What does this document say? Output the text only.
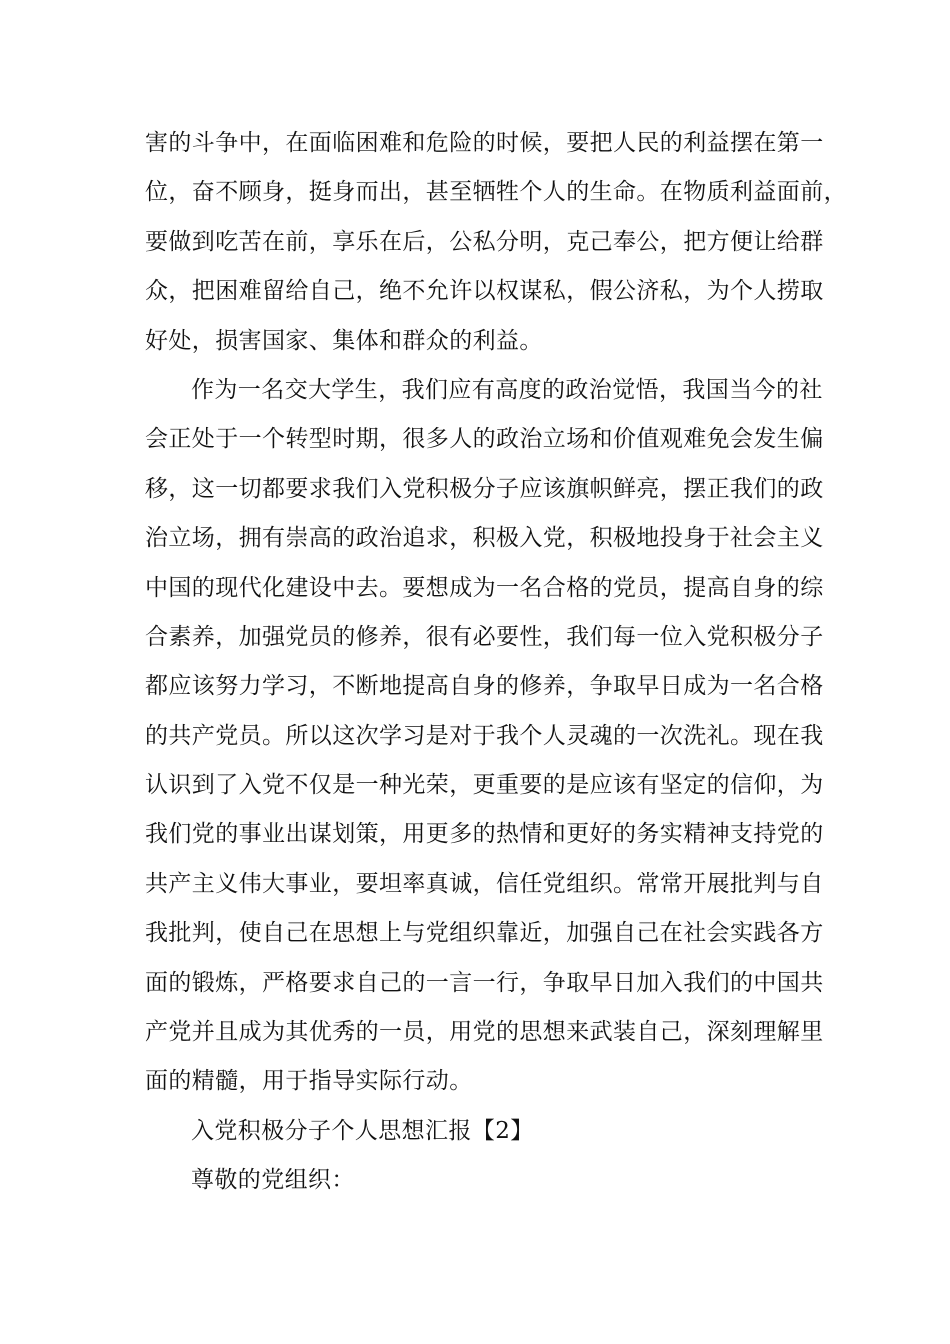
害的斗争中，在面临困难和危险的时候，要把人民的利益摆在第一
位，奋不顾身，挺身而出，甚至牺牲个人的生命。在物质利益面前，
要做到吃苦在前，享乐在后，公私分明，克己奉公，把方便让给群
众，把困难留给自己，绝不允许以权谋私，假公济私，为个人捞取
好处，损害国家、集体和群众的利益。
作为一名交大学生，我们应有高度的政治觉悟，我国当今的社
会正处于一个转型时期，很多人的政治立场和价值观难免会发生偏
移，这一切都要求我们入党积极分子应该旗帜鲜亮，摆正我们的政
治立场，拥有崇高的政治追求，积极入党，积极地投身于社会主义
中国的现代化建设中去。要想成为一名合格的党员，提高自身的综
合素养，加强党员的修养，很有必要性，我们每一位入党积极分子
都应该努力学习，不断地提高自身的修养，争取早日成为一名合格
的共产党员。所以这次学习是对于我个人灵魂的一次洗礼。现在我
认识到了入党不仅是一种光荣，更重要的是应该有坚定的信仰，为
我们党的事业出谋划策，用更多的热情和更好的务实精神支持党的
共产主义伟大事业，要坦率真诚，信任党组织。常常开展批判与自
我批判，使自己在思想上与党组织靠近，加强自己在社会实践各方
面的锻炼，严格要求自己的一言一行，争取早日加入我们的中国共
产党并且成为其优秀的一员，用党的思想来武装自己，深刻理解里
面的精髓，用于指导实际行动。
入党积极分子个人思想汇报【2】
尊敬的党组织：
